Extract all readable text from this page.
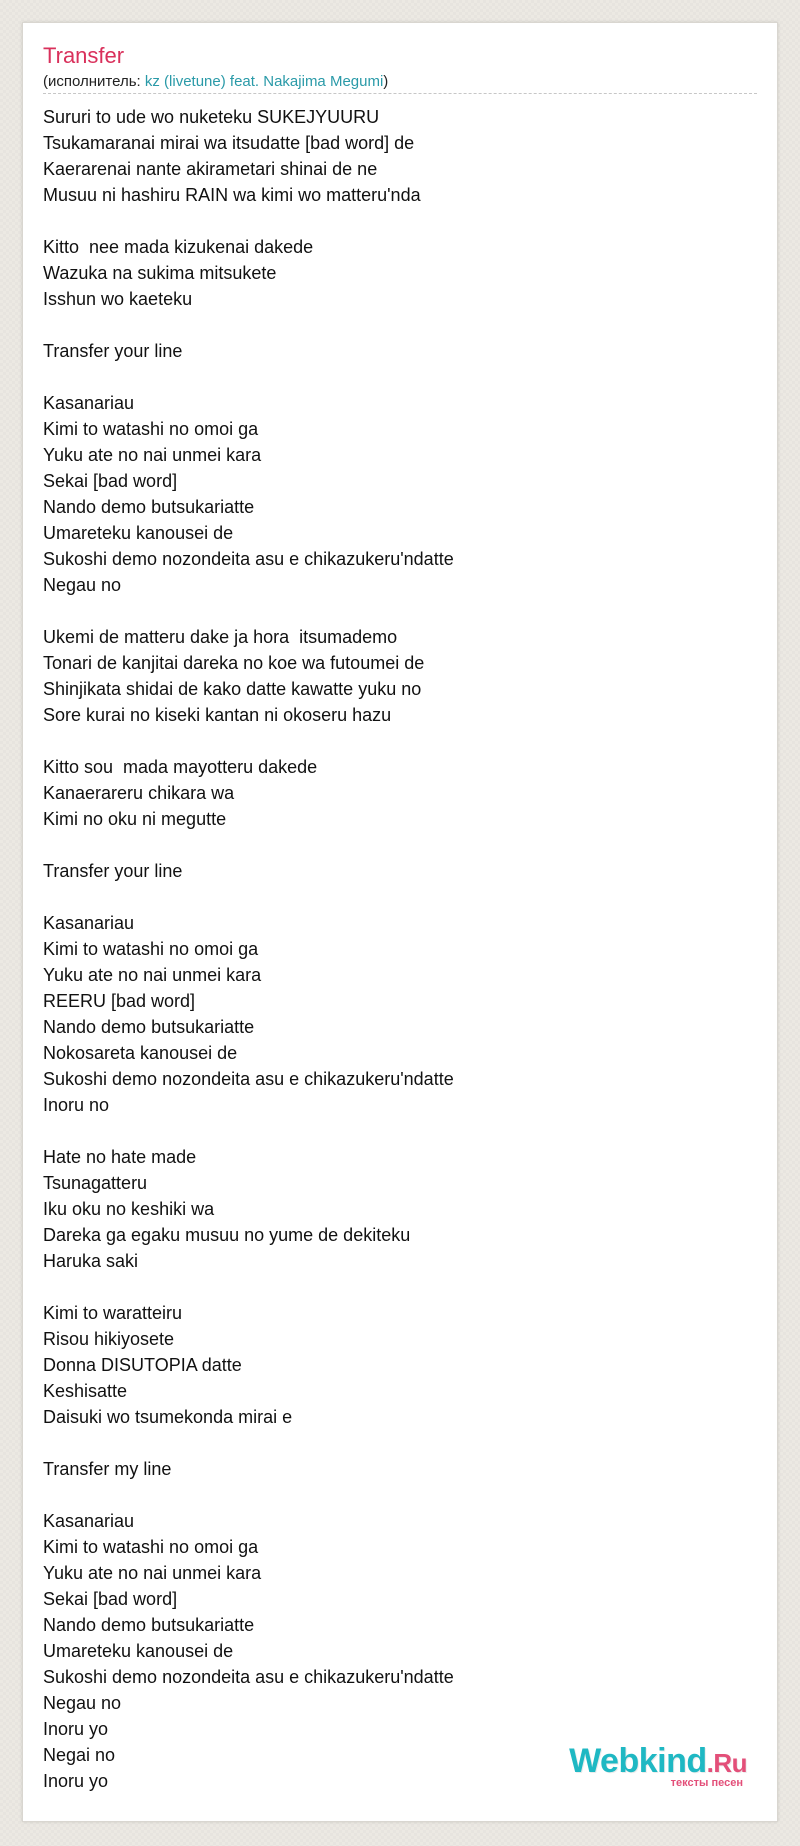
Transfer
(исполнитель: kz (livetune) feat. Nakajima Megumi)
Sururi to ude wo nuketeku SUKEJYUURU
Tsukamaranai mirai wa itsudatte [bad word] de
Kaerarenai nante akirametari shinai de ne
Musuu ni hashiru RAIN wa kimi wo matteru'nda
Kitto  nee mada kizukenai dakede
Wazuka na sukima mitsukete
Isshun wo kaeteku
Transfer your line
Kasanariau
Kimi to watashi no omoi ga
Yuku ate no nai unmei kara
Sekai [bad word]
Nando demo butsukariatte
Umareteku kanousei de
Sukoshi demo nozondeita asu e chikazukeru'ndatte
Negau no
Ukemi de matteru dake ja hora  itsumademo
Tonari de kanjitai dareka no koe wa futoumei de
Shinjikata shidai de kako datte kawatte yuku no
Sore kurai no kiseki kantan ni okoseru hazu
Kitto sou  mada mayotteru dakede
Kanaerareru chikara wa
Kimi no oku ni megutte
Transfer your line
Kasanariau
Kimi to watashi no omoi ga
Yuku ate no nai unmei kara
REERU [bad word]
Nando demo butsukariatte
Nokosareta kanousei de
Sukoshi demo nozondeita asu e chikazukeru'ndatte
Inoru no
Hate no hate made
Tsunagatteru
Iku oku no keshiki wa
Dareka ga egaku musuu no yume de dekiteku
Haruka saki
Kimi to waratteiru
Risou hikiyosete
Donna DISUTOPIA datte
Keshisatte
Daisuki wo tsumekonda mirai e
Transfer my line
Kasanariau
Kimi to watashi no omoi ga
Yuku ate no nai unmei kara
Sekai [bad word]
Nando demo butsukariatte
Umareteku kanousei de
Sukoshi demo nozondeita asu e chikazukeru'ndatte
Negau no
Inoru yo
Negai no
Inoru yo
Webkind.Ru
тексты песен
